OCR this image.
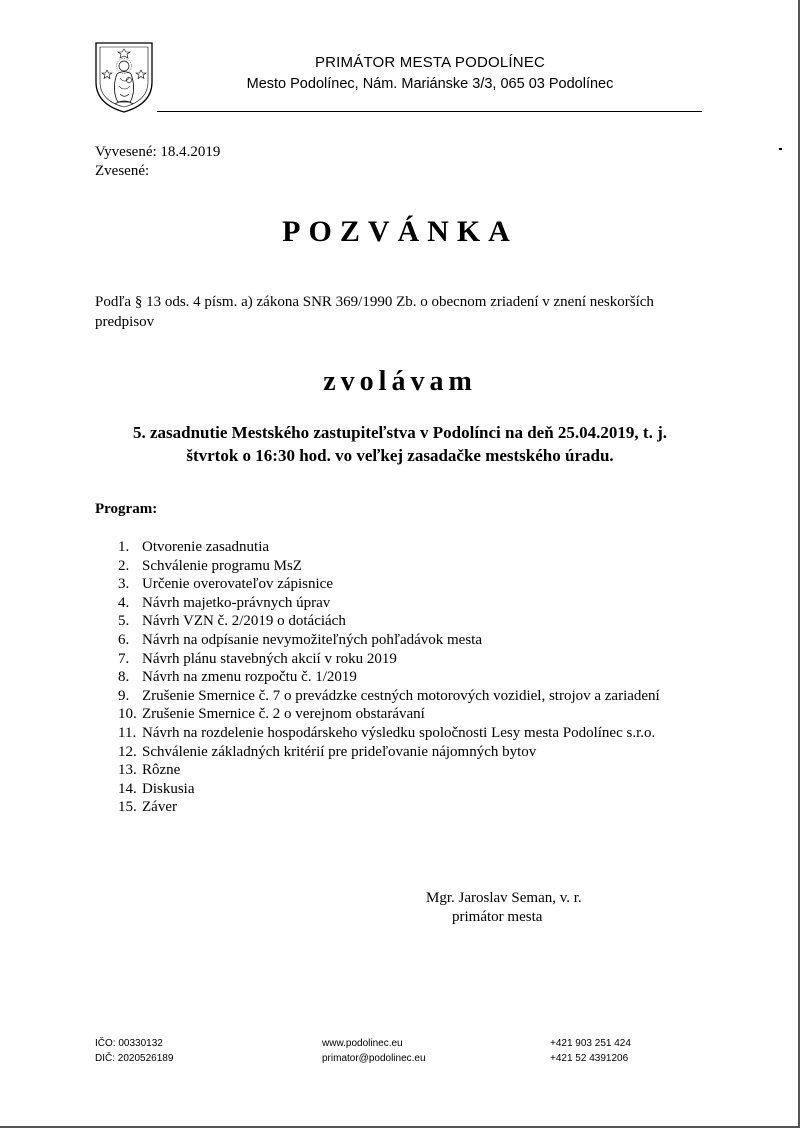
PRIMÁTOR MESTA PODOLÍNEC
Mesto Podolínec, Nám. Mariánske 3/3, 065 03 Podolínec
Vyvesené: 18.4.2019
Zvesené:
POZVÁNKA
Podľa § 13 ods. 4 písm. a) zákona SNR 369/1990 Zb. o obecnom zriadení v znení neskorších predpisov
zvolávam
5. zasadnutie Mestského zastupiteľstva v Podolínci na deň 25.04.2019, t. j.
štvrtok o 16:30 hod. vo veľkej zasadačke mestského úradu.
Program:
1. Otvorenie zasadnutia
2. Schválenie programu MsZ
3. Určenie overovateľov zápisnice
4. Návrh majetko-právnych úprav
5. Návrh VZN č. 2/2019 o dotáciách
6. Návrh na odpísanie nevymožiteľných pohľadávok mesta
7. Návrh plánu stavebných akcií v roku 2019
8. Návrh na zmenu rozpočtu č. 1/2019
9. Zrušenie Smernice č. 7 o prevádzke cestných motorových vozidiel, strojov a zariadení
10. Zrušenie Smernice č. 2 o verejnom obstarávaní
11. Návrh na rozdelenie hospodárskeho výsledku spoločnosti Lesy mesta Podolínec s.r.o.
12. Schválenie základných kritérií pre prideľovanie nájomných bytov
13. Rôzne
14. Diskusia
15. Záver
Mgr. Jaroslav Seman, v. r.
primátor mesta
IČO: 00330132
DIČ: 2020526189
www.podolinec.eu
primator@podolinec.eu
+421 903 251 424
+421 52 4391206
